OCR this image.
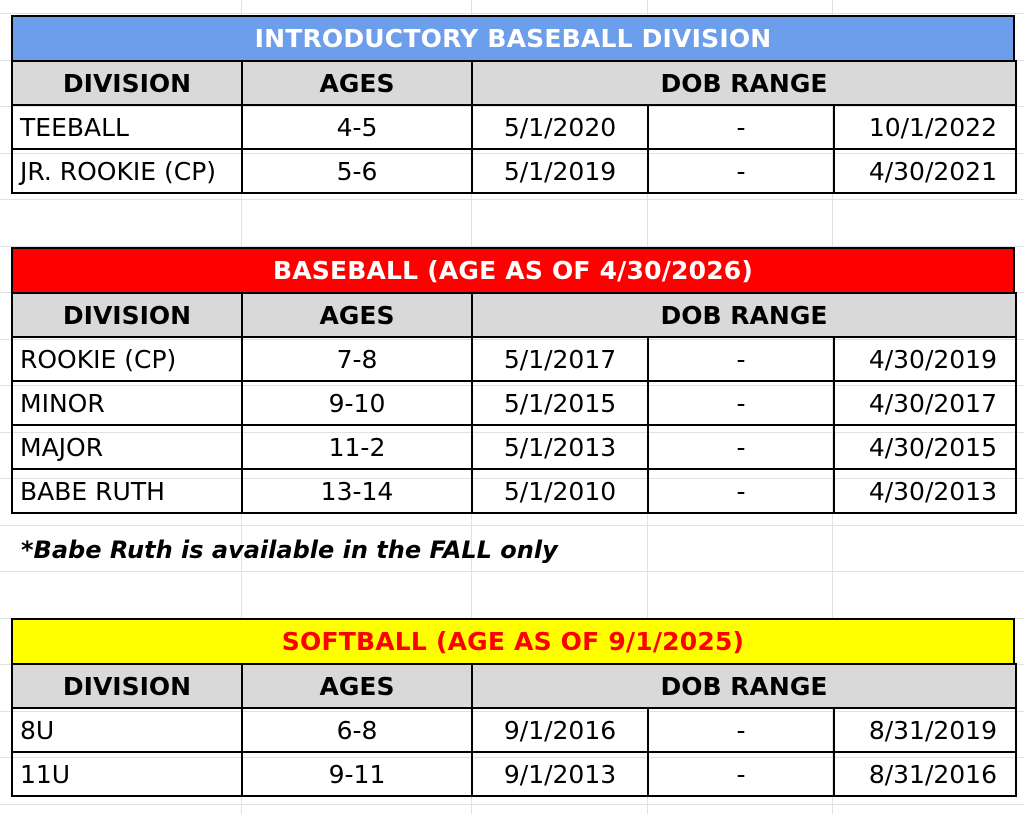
INTRODUCTORY BASEBALL DIVISION
DIVISION	AGES	DOB RANGE		
TEEBALL	4-5	5/1/2020	-	10/1/2022
JR. ROOKIE (CP)	5-6	5/1/2019	-	4/30/2021
BASEBALL (AGE AS OF 4/30/2026)
DIVISION	AGES	DOB RANGE		
ROOKIE (CP)	7-8	5/1/2017	-	4/30/2019
MINOR	9-10	5/1/2015	-	4/30/2017
MAJOR	11-2	5/1/2013	-	4/30/2015
BABE RUTH	13-14	5/1/2010	-	4/30/2013
*Babe Ruth is available in the FALL only
SOFTBALL (AGE AS OF 9/1/2025)
DIVISION	AGES	DOB RANGE		
8U	6-8	9/1/2016	-	8/31/2019
11U	9-11	9/1/2013	-	8/31/2016
